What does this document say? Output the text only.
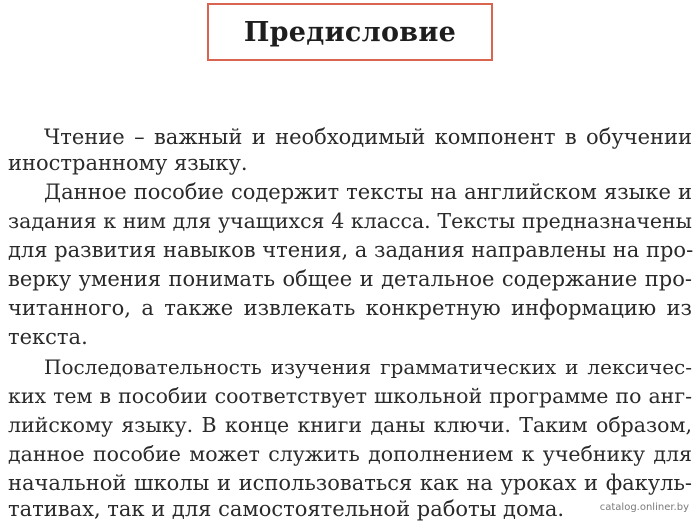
Предисловие
Чтение – важный и необходимый компонент в обучении
иностранному языку.
Данное пособие содержит тексты на английском языке и
задания к ним для учащихся 4 класса. Тексты предназначены
для развития навыков чтения, а задания направлены на про-
верку умения понимать общее и детальное содержание про-
читанного, а также извлекать конкретную информацию из
текста.
Последовательность изучения грамматических и лексичес-
ких тем в пособии соответствует школьной программе по анг-
лийскому языку. В конце книги даны ключи. Таким образом,
данное пособие может служить дополнением к учебнику для
начальной школы и использоваться как на уроках и факуль-
тативах, так и для самостоятельной работы дома.	catalog.onliner.by
